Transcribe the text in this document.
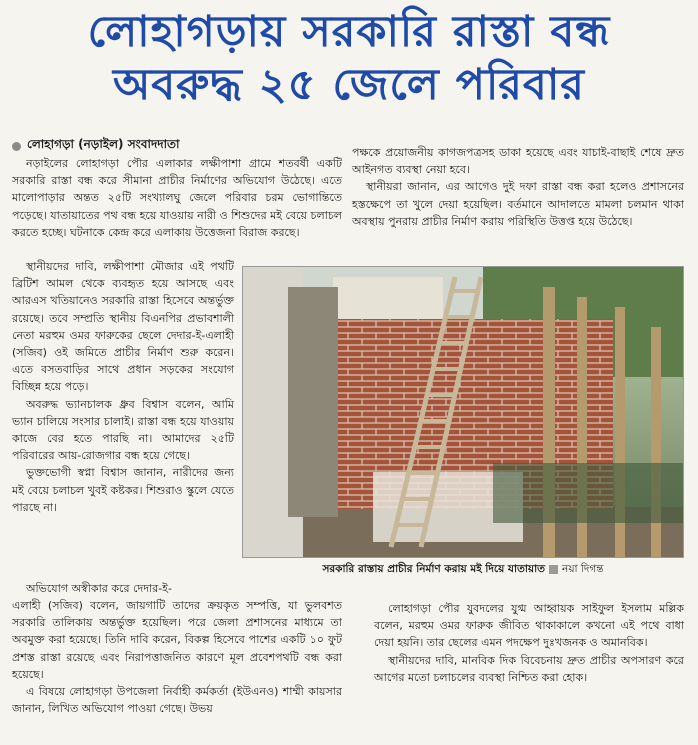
লোহাগড়ায় সরকারি রাস্তা বন্ধ
অবরুদ্ধ ২৫ জেলে পরিবার
লোহাগড়া (নড়াইল) সংবাদদাতা

নড়াইলের লোহাগড়া পৌর এলাকার লক্ষীপাশা গ্রামে শতবর্ষী একটি সরকারি রাস্তা বন্ধ করে সীমানা প্রাচীর নির্মাণের অভিযোগ উঠেছে। এতে মালোপাড়ার অন্তত ২৫টি সংখ্যালঘু জেলে পরিবার চরম ভোগান্তিতে পড়েছে। যাতায়াতের পথ বন্ধ হয়ে যাওয়ায় নারী ও শিশুদের মই বেয়ে চলাচল করতে হচ্ছে। ঘটনাকে কেন্দ্র করে এলাকায় উত্তেজনা বিরাজ করছে।

স্থানীয়দের দাবি, লক্ষীপাশা মৌজার এই পথটি ব্রিটিশ আমল থেকে ব্যবহৃত হয়ে আসছে এবং আরএস খতিয়ানেও সরকারি রাস্তা হিসেবে অন্তর্ভুক্ত রয়েছে। তবে সম্প্রতি স্থানীয় বিএনপির প্রভাবশালী নেতা মরহুম ওমর ফারুকের ছেলে দেদার-ই-এলাহী (সজিব) ওই জমিতে প্রাচীর নির্মাণ শুরু করেন। এতে বসতবাড়ির সাথে প্রধান সড়কের সংযোগ বিচ্ছিন্ন হয়ে পড়ে।

অবরুদ্ধ ভ্যানচালক ধ্রুব বিশ্বাস বলেন, আমি ভ্যান চালিয়ে সংসার চালাই। রাস্তা বন্ধ হয়ে যাওয়ায় কাজে বের হতে পারছি না। আমাদের ২৫টি পরিবারের আয়-রোজগার বন্ধ হয়ে গেছে।

ভুক্তভোগী স্বপ্না বিশ্বাস জানান, নারীদের জন্য মই বেয়ে চলাচল খুবই কষ্টকর। শিশুরাও স্কুলে যেতে পারছে না।

পক্ষকে প্রয়োজনীয় কাগজপত্রসহ ডাকা হয়েছে এবং যাচাই-বাছাই শেষে দ্রুত আইনগত ব্যবস্থা নেয়া হবে।

স্থানীয়রা জানান, এর আগেও দুই দফা রাস্তা বন্ধ করা হলেও প্রশাসনের হস্তক্ষেপে তা খুলে দেয়া হয়েছিল। বর্তমানে আদালতে মামলা চলমান থাকা অবস্থায় পুনরায় প্রাচীর নির্মাণ করায় পরিস্থিতি উত্তপ্ত হয়ে উঠেছে।

সরকারি রাস্তায় প্রাচীর নির্মাণ করায় মই দিয়ে যাতায়াত নয়া দিগন্ত

অভিযোগ অস্বীকার করে দেদার-ই-

এলাহী (সজিব) বলেন, জায়গাটি তাদের ক্রয়কৃত সম্পত্তি, যা ভুলবশত সরকারি তালিকায় অন্তর্ভুক্ত হয়েছিল। পরে জেলা প্রশাসনের মাধ্যমে তা অবমুক্ত করা হয়েছে। তিনি দাবি করেন, বিকল্প হিসেবে পাশের একটি ১০ ফুট প্রশস্ত রাস্তা রয়েছে এবং নিরাপত্তাজনিত কারণে মূল প্রবেশপথটি বন্ধ করা হয়েছে।

এ বিষয়ে লোহাগড়া উপজেলা নির্বাহী কর্মকর্তা (ইউএনও) শাম্মী কায়সার জানান, লিখিত অভিযোগ পাওয়া গেছে। উভয়

লোহাগড়া পৌর যুবদলের যুগ্ম আহ্বায়ক সাইফুল ইসলাম মল্লিক বলেন, মরহুম ওমর ফারুক জীবিত থাকাকালে কখনো এই পথে বাধা দেয়া হয়নি। তার ছেলের এমন পদক্ষেপ দুঃখজনক ও অমানবিক।

স্থানীয়দের দাবি, মানবিক দিক বিবেচনায় দ্রুত প্রাচীর অপসারণ করে আগের মতো চলাচলের ব্যবস্থা নিশ্চিত করা হোক।
